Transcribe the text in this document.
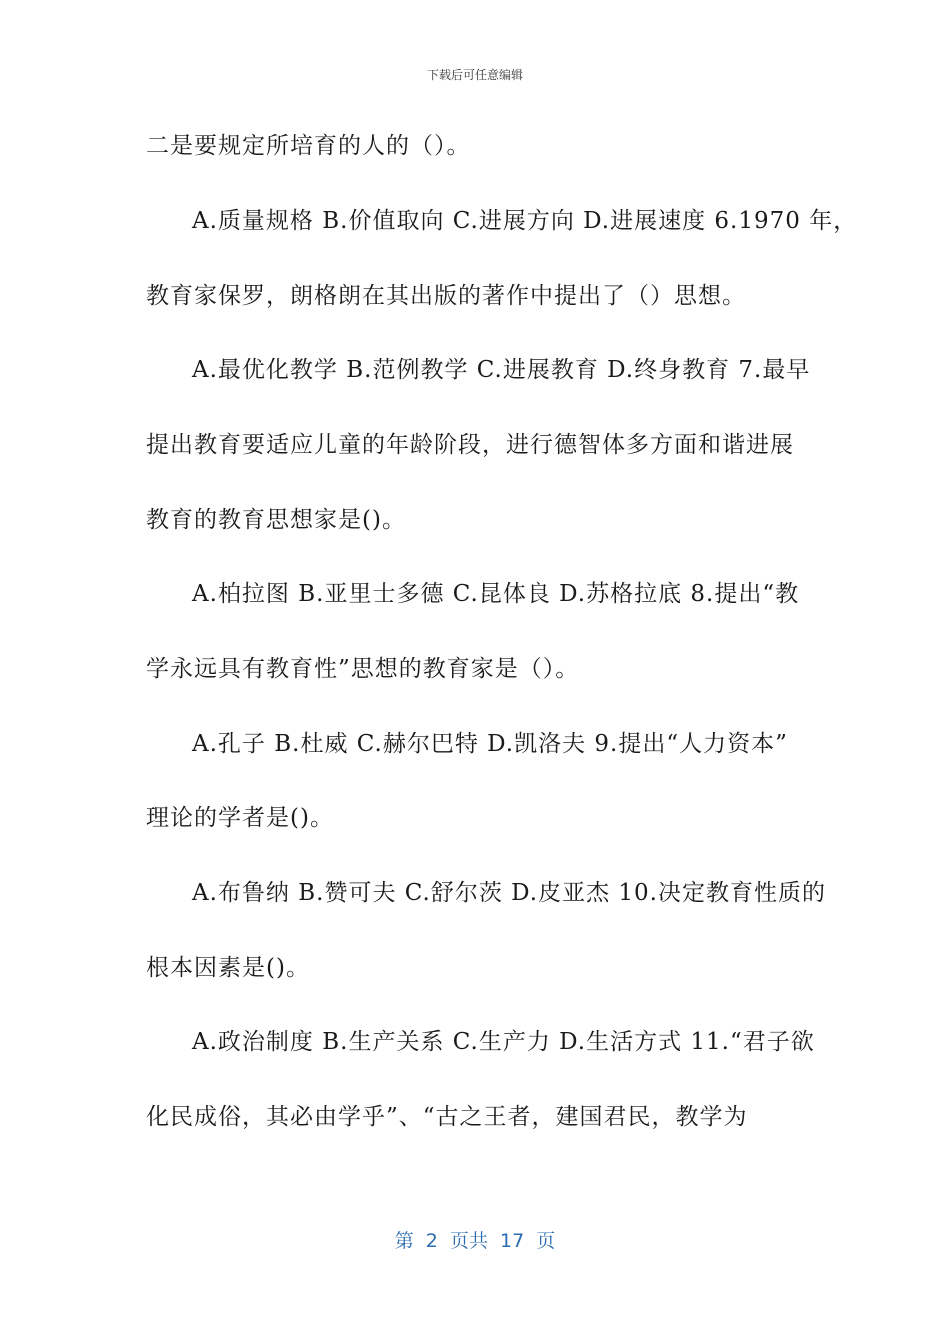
下载后可任意编辑
二是要规定所培育的人的（）。
A.质量规格 B.价值取向 C.进展方向 D.进展速度 6.1970 年，
教育家保罗，朗格朗在其出版的著作中提出了（）思想。
A.最优化教学 B.范例教学 C.进展教育 D.终身教育 7.最早
提出教育要适应儿童的年龄阶段，进行德智体多方面和谐进展
教育的教育思想家是()。
A.柏拉图 B.亚里士多德 C.昆体良 D.苏格拉底 8.提出“教
学永远具有教育性”思想的教育家是（）。
A.孔子 B.杜威 C.赫尔巴特 D.凯洛夫 9.提出“人力资本”
理论的学者是()。
A.布鲁纳 B.赞可夫 C.舒尔茨 D.皮亚杰 10.决定教育性质的
根本因素是()。
A.政治制度 B.生产关系 C.生产力 D.生活方式 11.“君子欲
化民成俗，其必由学乎”、“古之王者，建国君民，教学为
第 2 页共 17 页
